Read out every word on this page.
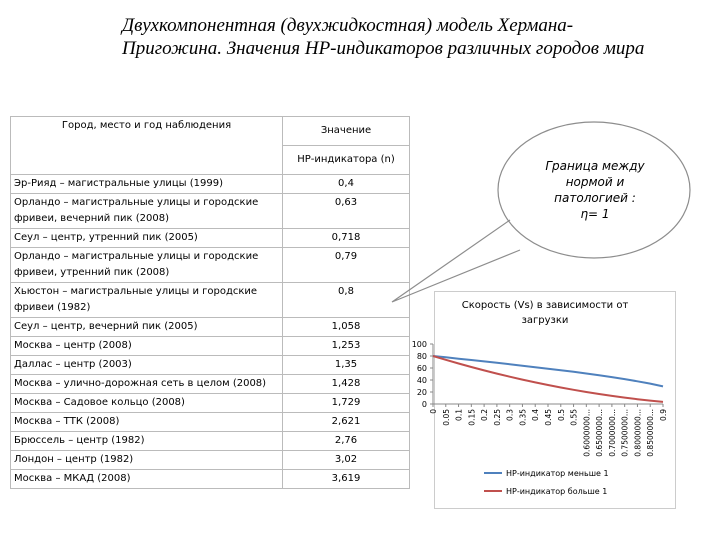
Двухкомпонентная (двухжидкостная) модель Хермана-Пригожина. Значения НР-индикаторов различных городов мира
Город, место и год наблюдения	Значение
	НР-индикатора (n)
Эр-Рияд – магистральные улицы (1999)	0,4
Орландо – магистральные улицы и городские фривеи, вечерний пик (2008)	0,63
Сеул – центр, утренний пик (2005)	0,718
Орландо – магистральные улицы и городские фривеи, утренний пик (2008)	0,79
Хьюстон – магистральные улицы и городские фривеи (1982)	0,8
Сеул – центр, вечерний пик (2005)	1,058
Москва – центр (2008)	1,253
Даллас – центр (2003)	1,35
Москва – улично-дорожная сеть в целом (2008)	1,428
Москва – Садовое кольцо (2008)	1,729
Москва – ТТК (2008)	2,621
Брюссель – центр (1982)	2,76
Лондон – центр (1982)	3,02
Москва – МКАД (2008)	3,619
Граница между
нормой и
патологией :
η= 1
Скорость (Vs) в зависимости от загрузки
0
20
40
60
80
100
0 0.05 0.1 0.15 0.2 0.25 0.3 0.35 0.4 0.45 0.5 0.55 0.6000000... 0.6500000... 0.7000000... 0.7500000... 0.8000000... 0.8500000... 0.9
НР-индикатор меньше 1
НР-индикатор больше 1
